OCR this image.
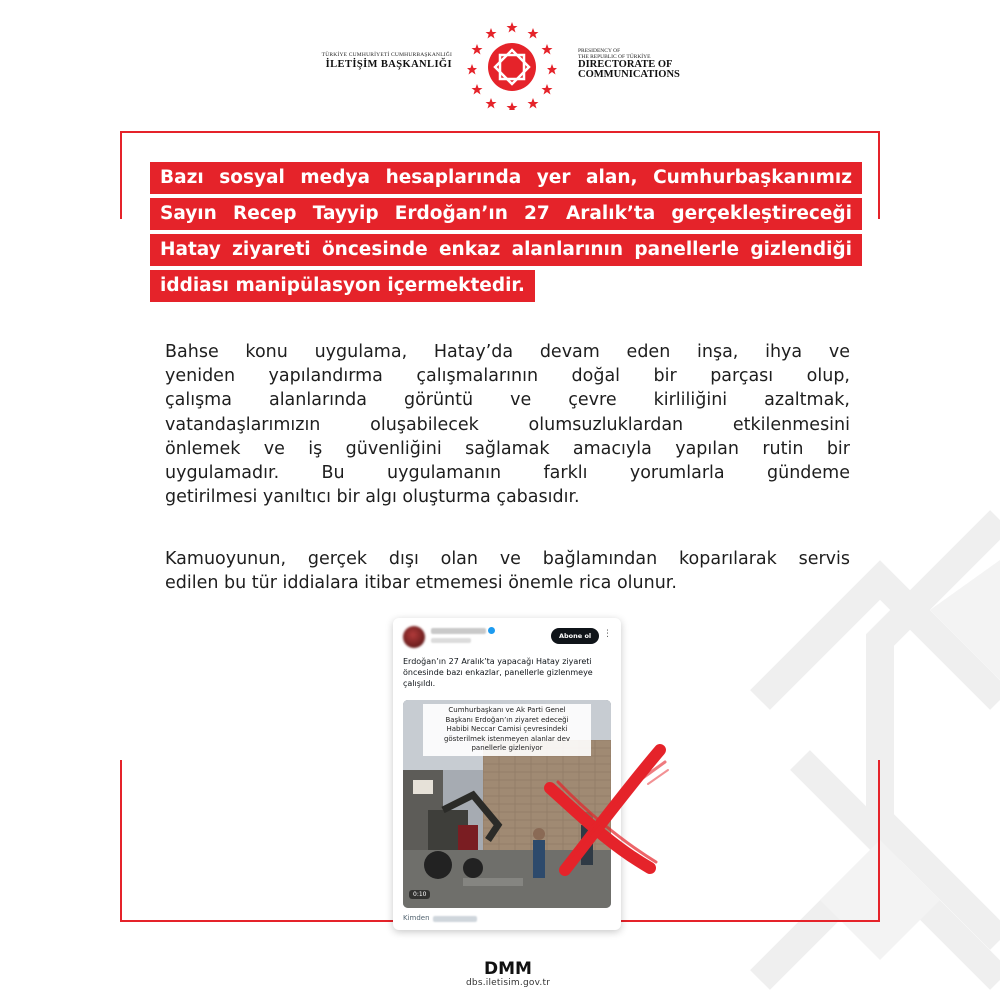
TÜRKİYE CUMHURİYETİ CUMHURBAŞKANLIĞI
İLETİŞİM BAŞKANLIĞI
PRESIDENCY OF
THE REPUBLIC OF TÜRKİYE
DIRECTORATE OF
COMMUNICATIONS
Bazı sosyal medya hesaplarında yer alan, Cumhurbaşkanımız Sayın Recep Tayyip Erdoğan’ın 27 Aralık’ta gerçekleştireceği Hatay ziyareti öncesinde enkaz alanlarının panellerle gizlendiği iddiası manipülasyon içermektedir.
Bahse konu uygulama, Hatay’da devam eden inşa, ihya ve
yeniden yapılandırma çalışmalarının doğal bir parçası olup,
çalışma alanlarında görüntü ve çevre kirliliğini azaltmak,
vatandaşlarımızın oluşabilecek olumsuzluklardan etkilenmesini
önlemek ve iş güvenliğini sağlamak amacıyla yapılan rutin bir
uygulamadır. Bu uygulamanın farklı yorumlarla gündeme
getirilmesi yanıltıcı bir algı oluşturma çabasıdır.
Kamuoyunun, gerçek dışı olan ve bağlamından koparılarak servis
edilen bu tür iddialara itibar etmemesi önemle rica olunur.
Abone ol	⋮
Erdoğan’ın 27 Aralık’ta yapacağı Hatay ziyareti
öncesinde bazı enkazlar, panellerle gizlenmeye
çalışıldı.
Cumhurbaşkanı ve Ak Parti Genel
Başkanı Erdoğan’ın ziyaret edeceği
Habibi Neccar Camisi çevresindeki
gösterilmek istenmeyen alanlar dev
panellerle gizleniyor
0:10
Kimden
DMM
dbs.iletisim.gov.tr
